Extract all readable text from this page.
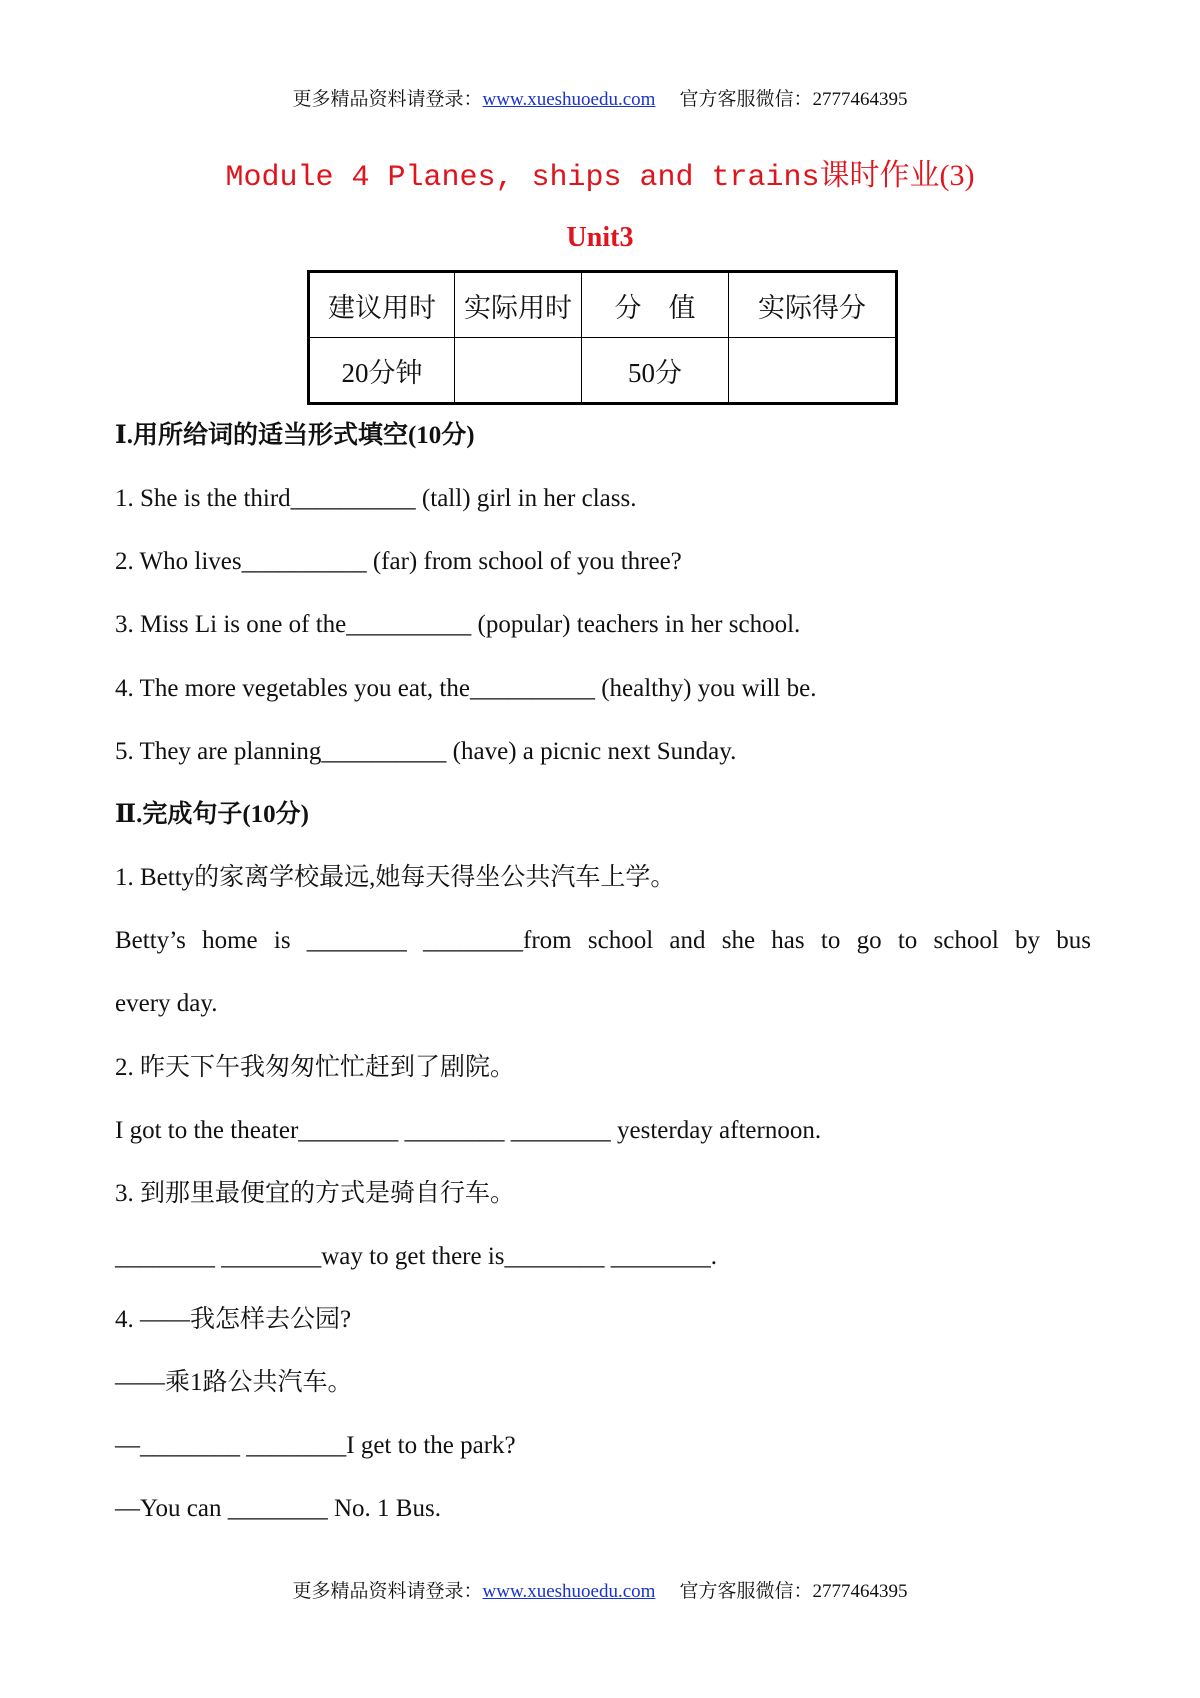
更多精品资料请登录：www.xueshuoedu.com 官方客服微信：2777464395
Module 4 Planes, ships and trains课时作业(3)
Unit3
建议用时	实际用时	分　值	实际得分
20分钟		50分	
Ⅰ.用所给词的适当形式填空(10分)
1. She is the third__________ (tall) girl in her class.
2. Who lives__________ (far) from school of you three?
3. Miss Li is one of the__________ (popular) teachers in her school.
4. The more vegetables you eat, the__________ (healthy) you will be.
5. They are planning__________ (have) a picnic next Sunday.
Ⅱ.完成句子(10分)
1. Betty的家离学校最远,她每天得坐公共汽车上学。
Betty’s home is ________ ________from school and she has to go to school by bus
every day.
2. 昨天下午我匆匆忙忙赶到了剧院。
I got to the theater________ ________ ________ yesterday afternoon.
3. 到那里最便宜的方式是骑自行车。
________ ________way to get there is________ ________.
4. ——我怎样去公园?
——乘1路公共汽车。
—________ ________I get to the park?
—You can ________ No. 1 Bus.
更多精品资料请登录：www.xueshuoedu.com 官方客服微信：2777464395
